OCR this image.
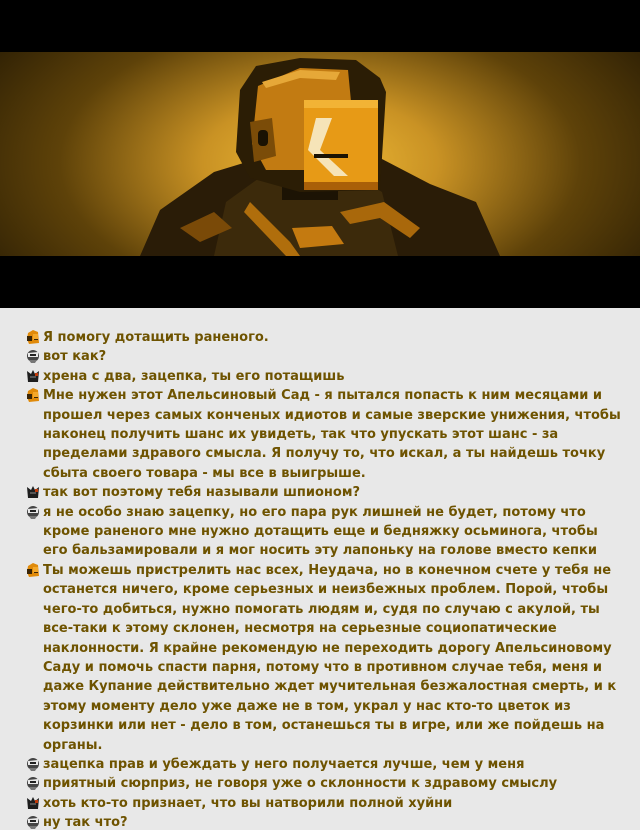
Я помогу дотащить раненого.

вот как?

хрена с два, зацепка, ты его потащишь

Мне нужен этот Апельсиновый Сад - я пытался попасть к ним месяцами и прошел через самых конченых идиотов и самые зверские унижения, чтобы наконец получить шанс их увидеть, так что упускать этот шанс - за пределами здравого смысла. Я получу то, что искал, а ты найдешь точку сбыта своего товара - мы все в выигрыше.

так вот поэтому тебя называли шпионом?

я не особо знаю зацепку, но его пара рук лишней не будет, потому что кроме раненого мне нужно дотащить еще и бедняжку осьминога, чтобы его бальзамировали и я мог носить эту лапоньку на голове вместо кепки

Ты можешь пристрелить нас всех, Неудача, но в конечном счете у тебя не останется ничего, кроме серьезных и неизбежных проблем. Порой, чтобы чего-то добиться, нужно помогать людям и, судя по случаю с акулой, ты все-таки к этому склонен, несмотря на серьезные социопатические наклонности. Я крайне рекомендую не переходить дорогу Апельсиновому Саду и помочь спасти парня, потому что в противном случае тебя, меня и даже Купание действительно ждет мучительная безжалостная смерть, и к этому моменту дело уже даже не в том, украл у нас кто-то цветок из корзинки или нет - дело в том, останешься ты в игре, или же пойдешь на органы.

зацепка прав и убеждать у него получается лучше, чем у меня

приятный сюрприз, не говоря уже о склонности к здравому смыслу

хоть кто-то признает, что вы натворили полной хуйни

ну так что?
